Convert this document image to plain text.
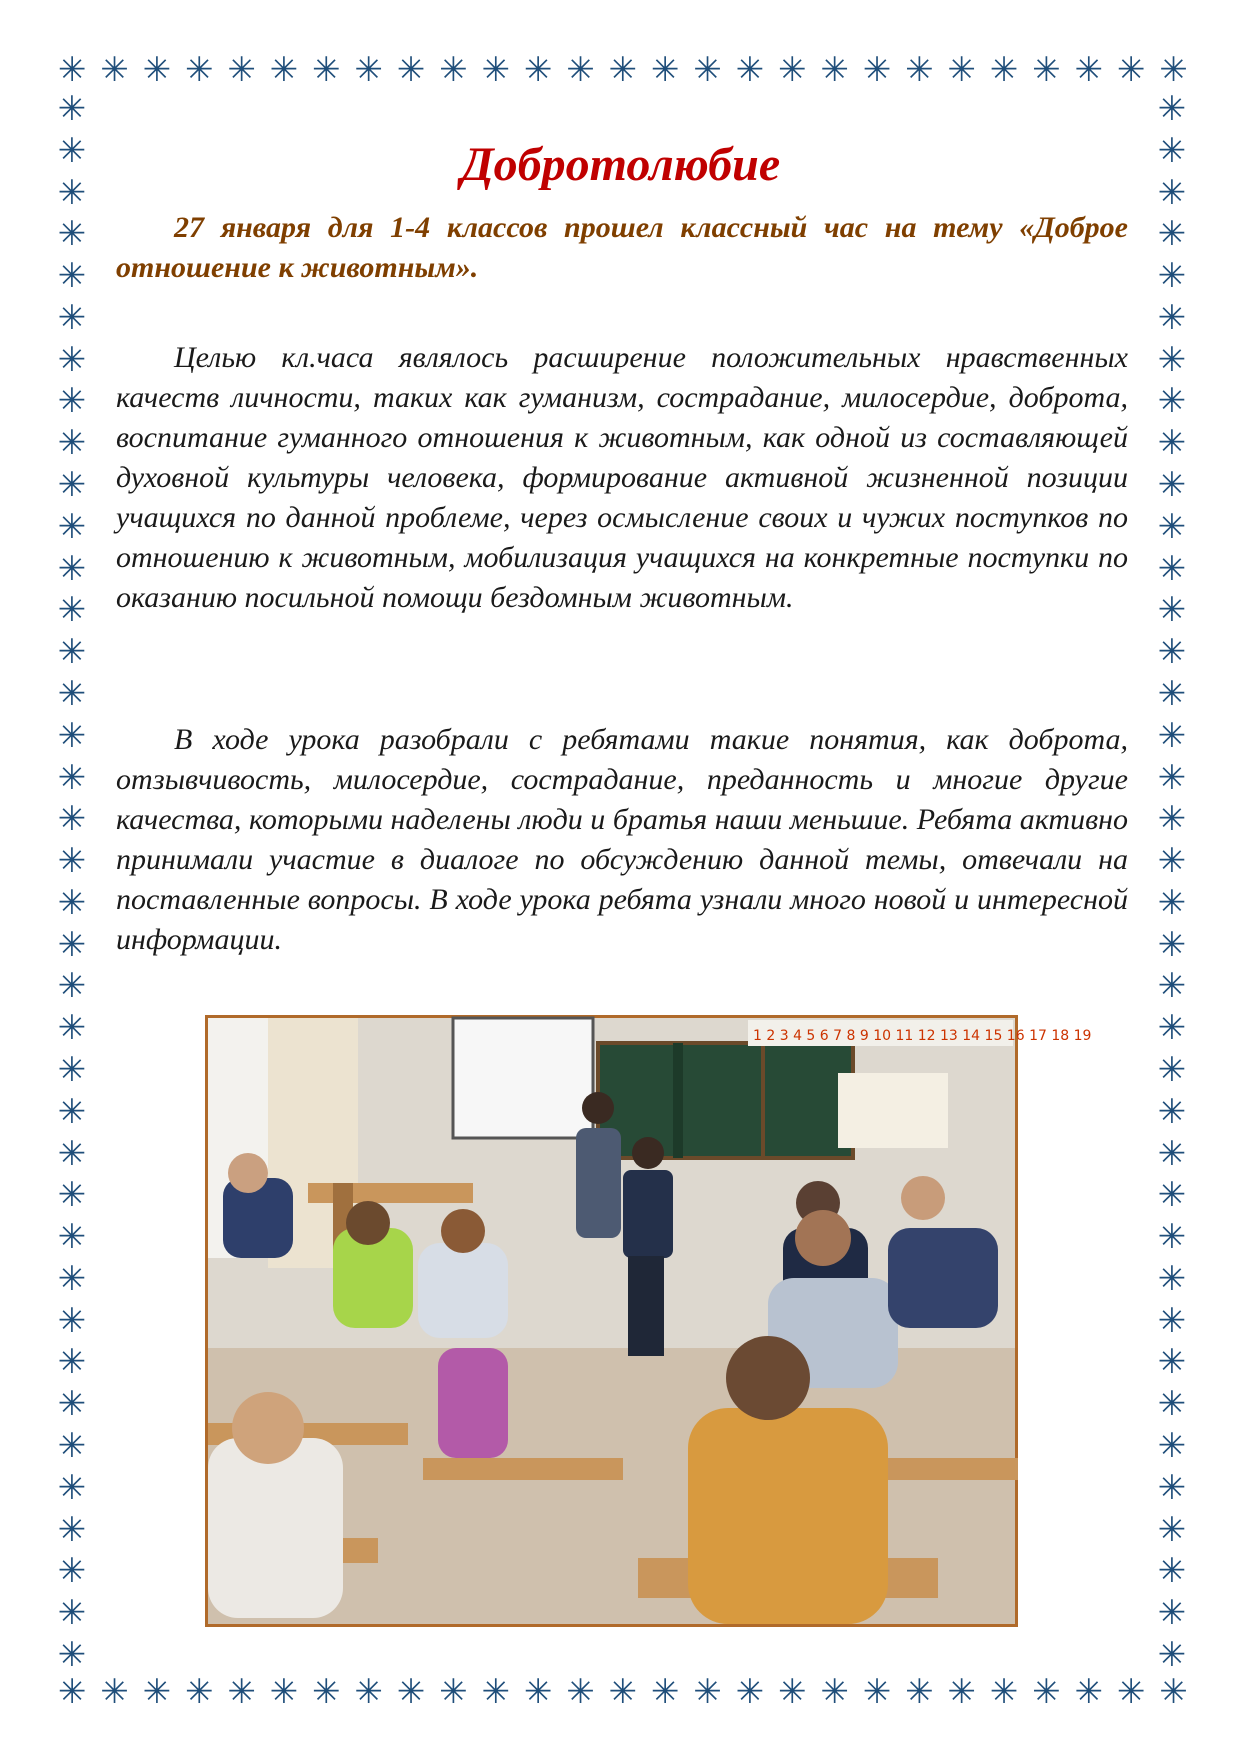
✳ ✳ ✳ ✳ ✳ ✳ ✳ ✳ ✳ ✳ ✳ ✳ ✳ ✳ ✳ ✳ ✳ ✳ ✳ ✳ ✳ ✳ ✳ ✳ ✳ ✳ ✳
✳ ✳ ✳ ✳ ✳ ✳ ✳ ✳ ✳ ✳ ✳ ✳ ✳ ✳ ✳ ✳ ✳ ✳ ✳ ✳ ✳ ✳ ✳ ✳ ✳ ✳ ✳
✳
✳
✳
✳
✳
✳
✳
✳
✳
✳
✳
✳
✳
✳
✳
✳
✳
✳
✳
✳
✳
✳
✳
✳
✳
✳
✳
✳
✳
✳
✳
✳
✳
✳
✳
✳
✳
✳
✳
✳
✳
✳
✳
✳
✳
✳
✳
✳
✳
✳
✳
✳
✳
✳
✳
✳
✳
✳
✳
✳
✳
✳
✳
✳
✳
✳
✳
✳
✳
✳
✳
✳
✳
✳
✳
✳
Добротолюбие

27 января для 1-4 классов прошел классный час на тему «Доброе отношение к животным».

Целью кл.часа являлось расширение положительных нравственных качеств личности, таких как гуманизм, сострадание, милосердие, доброта, воспитание гуманного отношения к животным, как одной из составляющей духовной культуры человека, формирование активной жизненной позиции учащихся по данной проблеме, через осмысление своих и чужих поступков по отношению к животным, мобилизация учащихся на конкретные поступки по оказанию посильной помощи бездомным животным.

В ходе урока разобрали с ребятами такие понятия, как доброта, отзывчивость, милосердие, сострадание, преданность и многие другие качества, которыми наделены люди и братья наши меньшие. Ребята активно принимали участие в диалоге по обсуждению данной темы, отвечали на поставленные вопросы. В ходе урока ребята узнали много новой и интересной информации.

1 2 3 4 5 6 7 8 9 10 11 12 13 14 15 16 17 18 19
